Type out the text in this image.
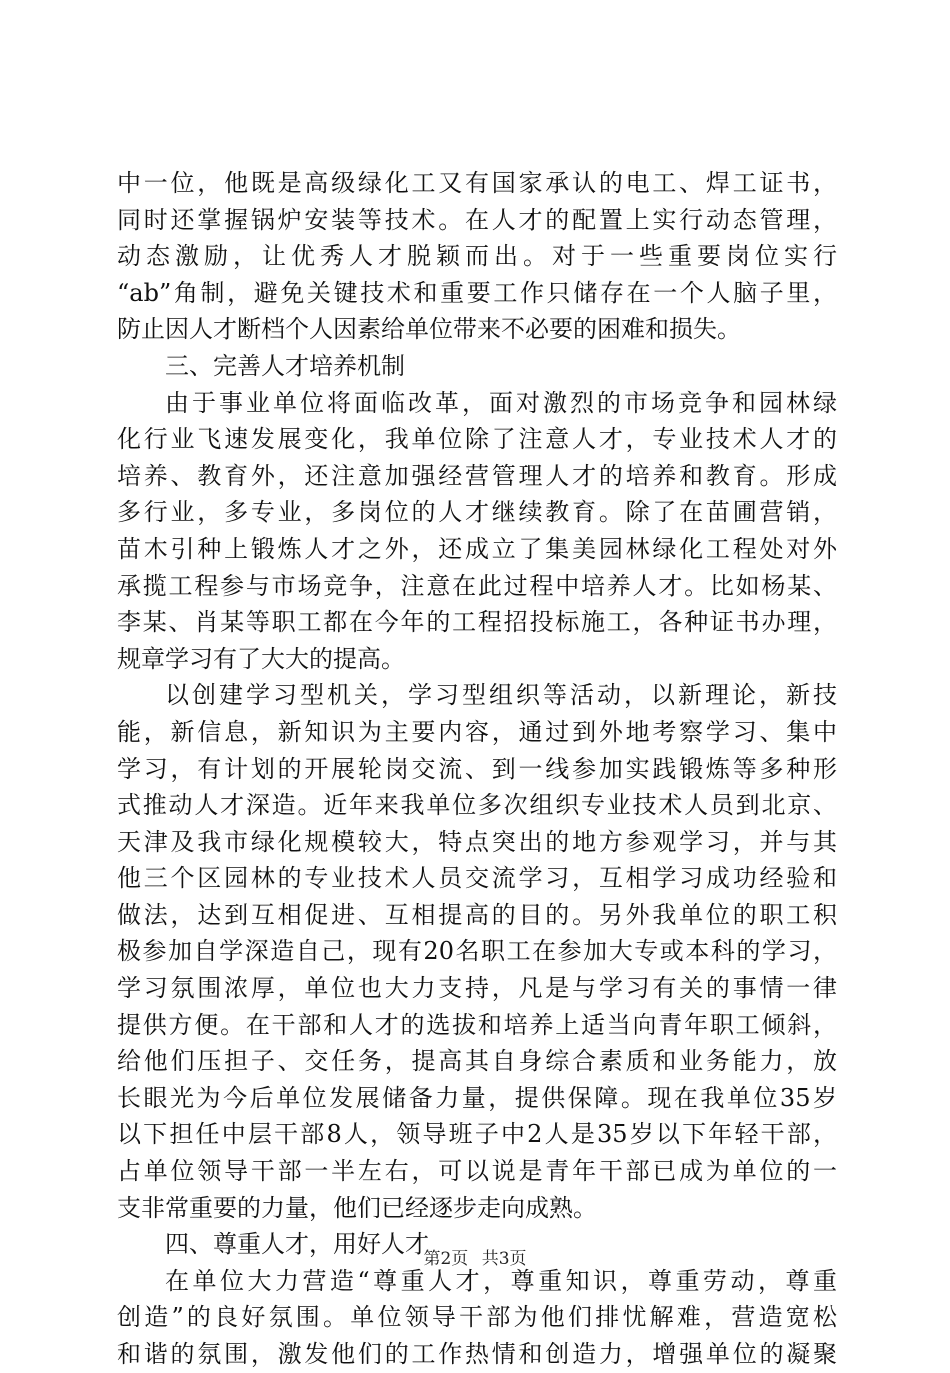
中一位，他既是高级绿化工又有国家承认的电工、焊工证书，
同时还掌握锅炉安装等技术。在人才的配置上实行动态管理，
动态激励，让优秀人才脱颖而出。对于一些重要岗位实行
“ab”角制，避免关键技术和重要工作只储存在一个人脑子里，
防止因人才断档个人因素给单位带来不必要的困难和损失。
三、完善人才培养机制
由于事业单位将面临改革，面对激烈的市场竞争和园林绿
化行业飞速发展变化，我单位除了注意人才，专业技术人才的
培养、教育外，还注意加强经营管理人才的培养和教育。形成
多行业，多专业，多岗位的人才继续教育。除了在苗圃营销，
苗木引种上锻炼人才之外，还成立了集美园林绿化工程处对外
承揽工程参与市场竞争，注意在此过程中培养人才。比如杨某、
李某、肖某等职工都在今年的工程招投标施工，各种证书办理，
规章学习有了大大的提高。
以创建学习型机关，学习型组织等活动，以新理论，新技
能，新信息，新知识为主要内容，通过到外地考察学习、集中
学习，有计划的开展轮岗交流、到一线参加实践锻炼等多种形
式推动人才深造。近年来我单位多次组织专业技术人员到北京、
天津及我市绿化规模较大，特点突出的地方参观学习，并与其
他三个区园林的专业技术人员交流学习，互相学习成功经验和
做法，达到互相促进、互相提高的目的。另外我单位的职工积
极参加自学深造自己，现有20名职工在参加大专或本科的学习，
学习氛围浓厚，单位也大力支持，凡是与学习有关的事情一律
提供方便。在干部和人才的选拔和培养上适当向青年职工倾斜，
给他们压担子、交任务，提高其自身综合素质和业务能力，放
长眼光为今后单位发展储备力量，提供保障。现在我单位35岁
以下担任中层干部8人，领导班子中2人是35岁以下年轻干部，
占单位领导干部一半左右，可以说是青年干部已成为单位的一
支非常重要的力量，他们已经逐步走向成熟。
四、尊重人才，用好人才
在单位大力营造“尊重人才，尊重知识，尊重劳动，尊重
创造”的良好氛围。单位领导干部为他们排忧解难，营造宽松
和谐的氛围，激发他们的工作热情和创造力，增强单位的凝聚
第2页 共3页
